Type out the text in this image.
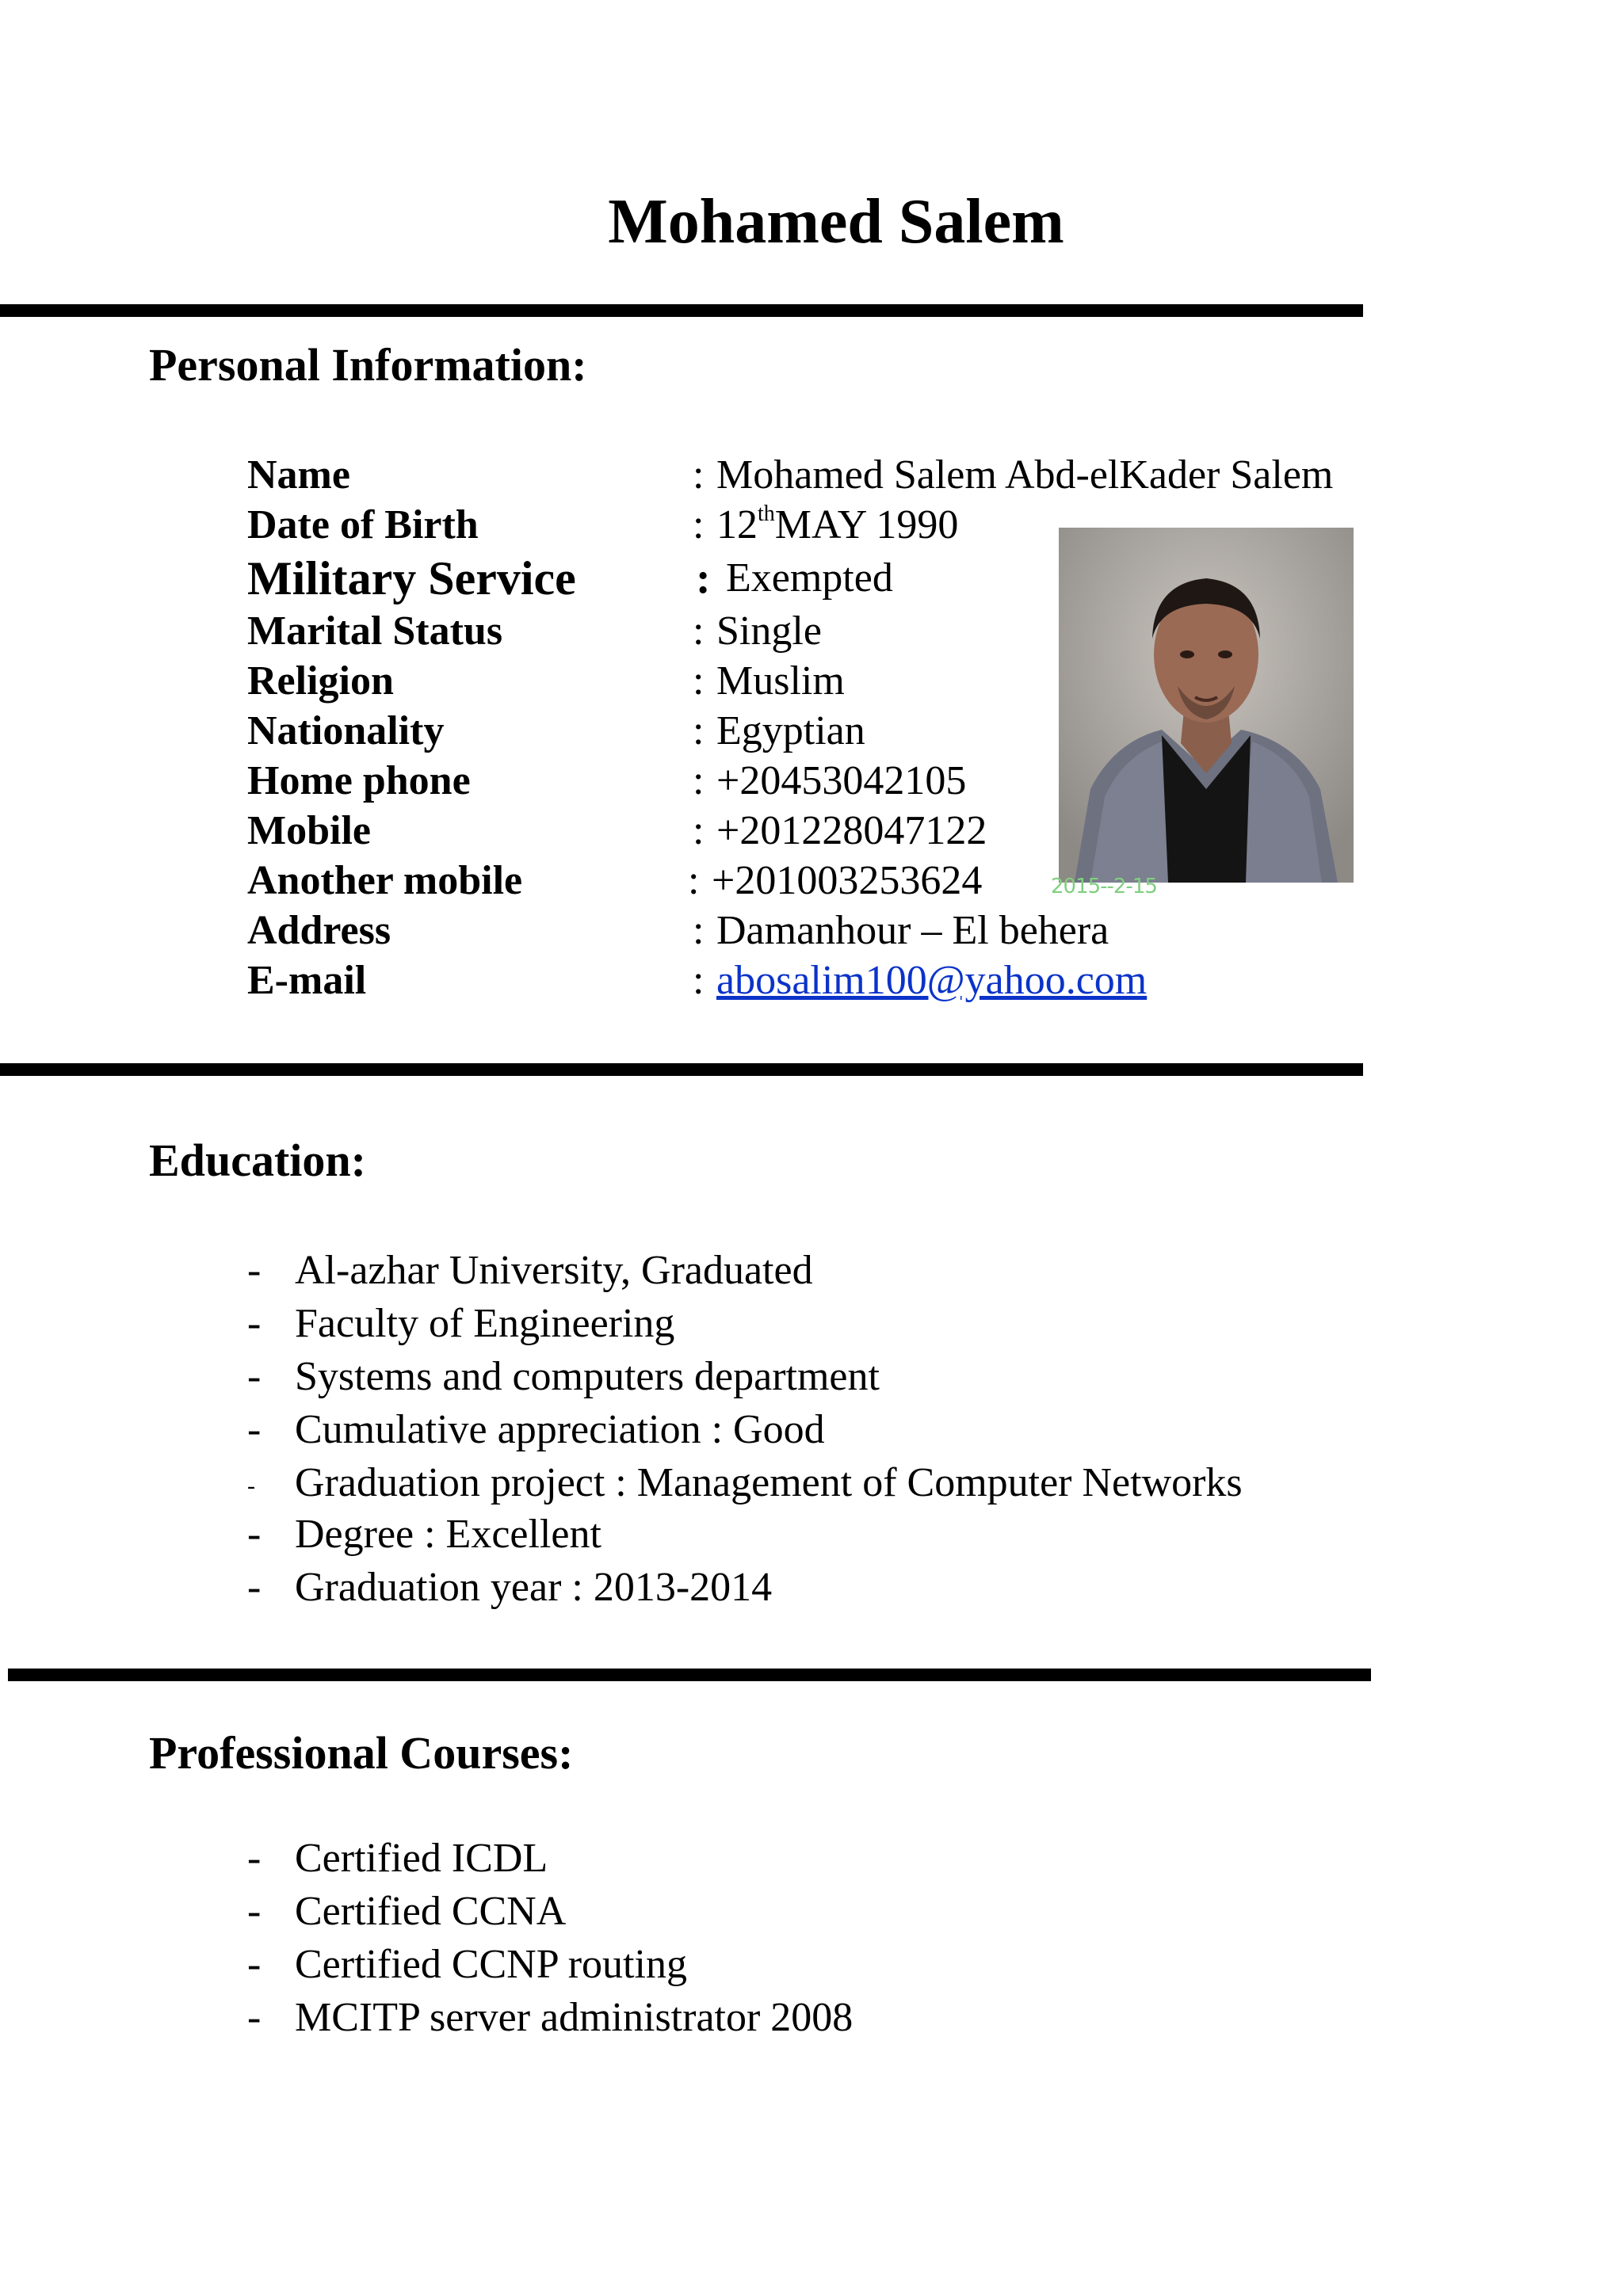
Mohamed Salem
Personal Information:
Name	: Mohamed Salem Abd-elKader Salem
Date of Birth	: 12thMAY 1990
Military Service	: Exempted
Marital Status	: Single
Religion	: Muslim
Nationality	: Egyptian
Home phone	: +20453042105
Mobile	: +201228047122
Another mobile	: +201003253624
Address	: Damanhour – El behera
E-mail	: abosalim100@yahoo.com
2015--2-15
Education:
- Al-azhar University, Graduated
- Faculty of Engineering
- Systems and computers department
- Cumulative appreciation : Good
- Graduation project : Management of Computer Networks
- Degree : Excellent
- Graduation year : 2013-2014
Professional Courses:
- Certified ICDL
- Certified CCNA
- Certified CCNP routing
- MCITP server administrator 2008
